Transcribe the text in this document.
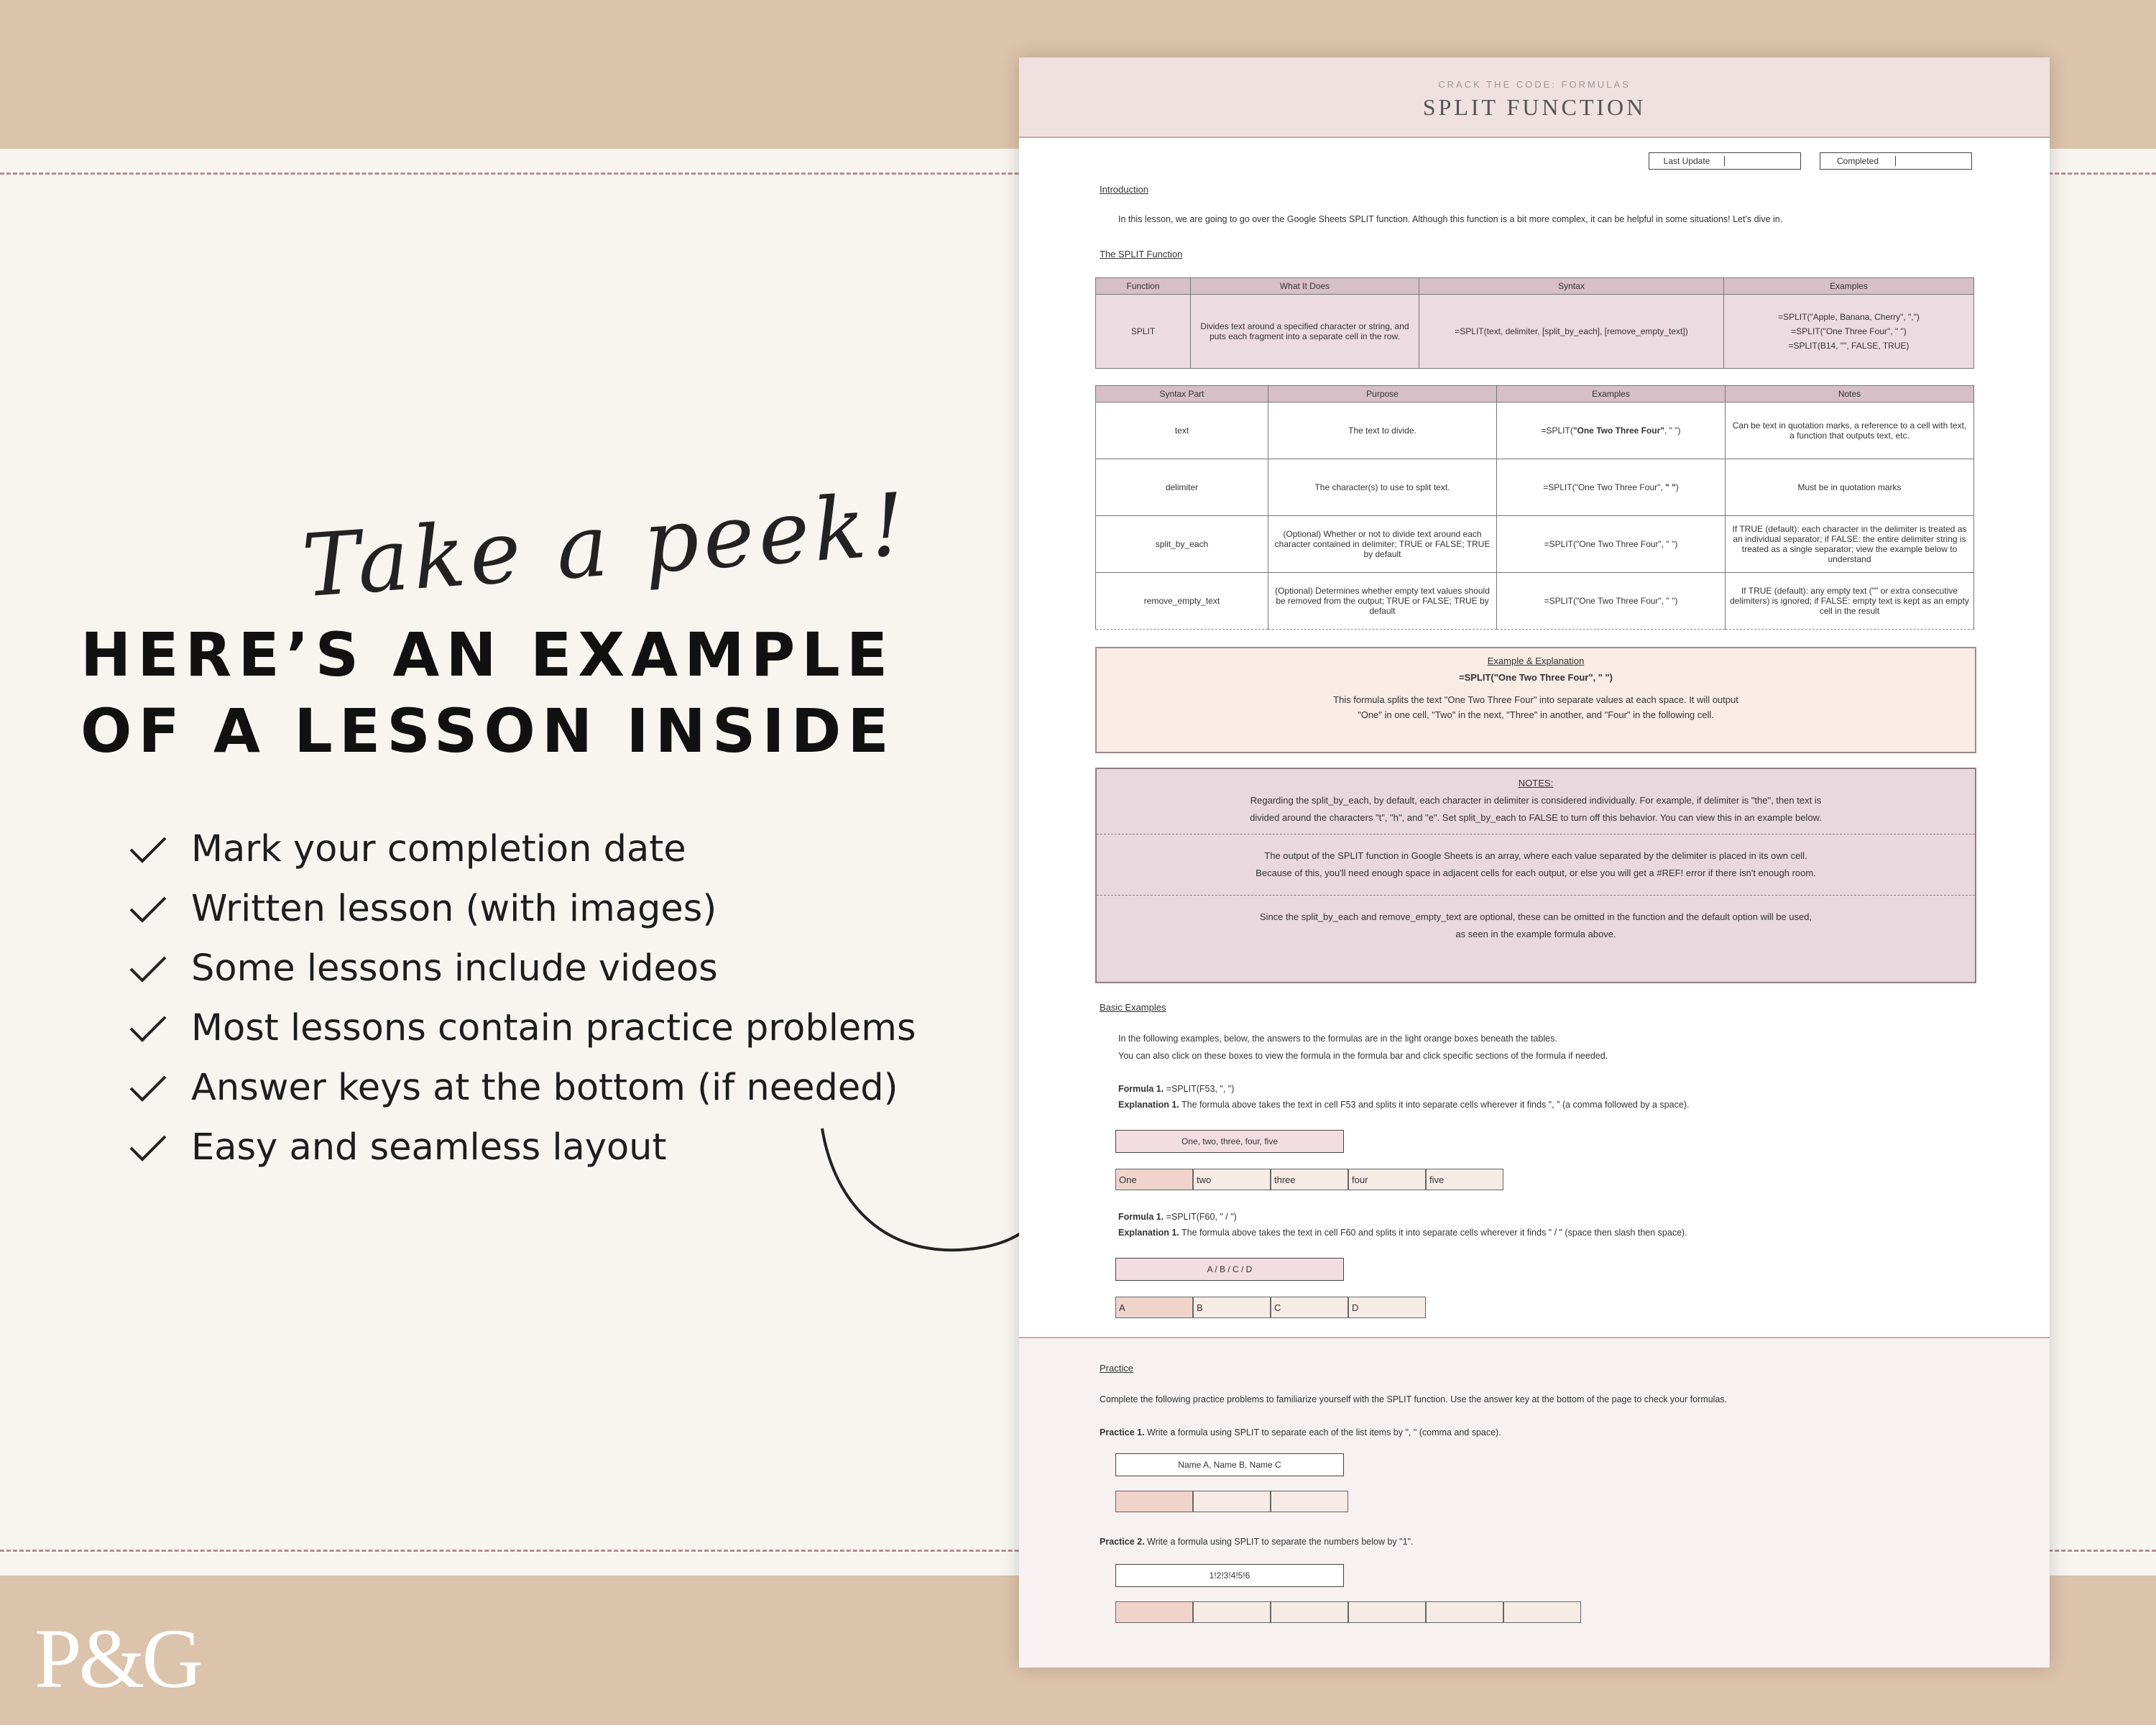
P&G
Take a peek!
HERE’S AN EXAMPLE
OF A LESSON INSIDE
Mark your completion date
Written lesson (with images)
Some lessons include videos
Most lessons contain practice problems
Answer keys at the bottom (if needed)
Easy and seamless layout
CRACK THE CODE: FORMULAS
SPLIT FUNCTION
Last Update	Completed
Introduction
In this lesson, we are going to go over the Google Sheets SPLIT function. Although this function is a bit more complex, it can be helpful in some situations! Let's dive in.
The SPLIT Function
Function	What It Does	Syntax	Examples
SPLIT	Divides text around a specified character or string, and puts each fragment into a separate cell in the row.	=SPLIT(text, delimiter, [split_by_each], [remove_empty_text])	=SPLIT("Apple, Banana, Cherry", ",")
=SPLIT("One Three Four", " ")
=SPLIT(B14, "", FALSE, TRUE)
Syntax Part	Purpose	Examples	Notes
text	The text to divide.	=SPLIT("One Two Three Four", " ")	Can be text in quotation marks, a reference to a cell with text, a function that outputs text, etc.
delimiter	The character(s) to use to split text.	=SPLIT("One Two Three Four", " ")	Must be in quotation marks
split_by_each	(Optional) Whether or not to divide text around each character contained in delimiter; TRUE or FALSE; TRUE by default	=SPLIT("One Two Three Four", " ")	If TRUE (default): each character in the delimiter is treated as an individual separator; if FALSE: the entire delimiter string is treated as a single separator; view the example below to understand
remove_empty_text	(Optional) Determines whether empty text values should be removed from the output; TRUE or FALSE; TRUE by default	=SPLIT("One Two Three Four", " ")	If TRUE (default): any empty text ("" or extra consecutive delimiters) is ignored; if FALSE: empty text is kept as an empty cell in the result
Example & Explanation
=SPLIT("One Two Three Four", " ")
This formula splits the text "One Two Three Four" into separate values at each space. It will output
"One" in one cell, "Two" in the next, "Three" in another, and "Four" in the following cell.
NOTES:
Regarding the split_by_each, by default, each character in delimiter is considered individually. For example, if delimiter is "the", then text is
divided around the characters "t", "h", and "e". Set split_by_each to FALSE to turn off this behavior. You can view this in an example below.
The output of the SPLIT function in Google Sheets is an array, where each value separated by the delimiter is placed in its own cell.
Because of this, you'll need enough space in adjacent cells for each output, or else you will get a #REF! error if there isn't enough room.
Since the split_by_each and remove_empty_text are optional, these can be omitted in the function and the default option will be used,
as seen in the example formula above.
Basic Examples
In the following examples, below, the answers to the formulas are in the light orange boxes beneath the tables.
You can also click on these boxes to view the formula in the formula bar and click specific sections of the formula if needed.
Formula 1. =SPLIT(F53, ", ")
Explanation 1. The formula above takes the text in cell F53 and splits it into separate cells wherever it finds ", " (a comma followed by a space).
One, two, three, four, five
One	two	three	four	five
Formula 1. =SPLIT(F60, " / ")
Explanation 1. The formula above takes the text in cell F60 and splits it into separate cells wherever it finds " / " (space then slash then space).
A / B / C / D
A	B	C	D
Practice
Complete the following practice problems to familiarize yourself with the SPLIT function. Use the answer key at the bottom of the page to check your formulas.
Practice 1. Write a formula using SPLIT to separate each of the list items by ", " (comma and space).
Name A, Name B, Name C
Practice 2. Write a formula using SPLIT to separate the numbers below by "1".
1!2!3!4!5!6
